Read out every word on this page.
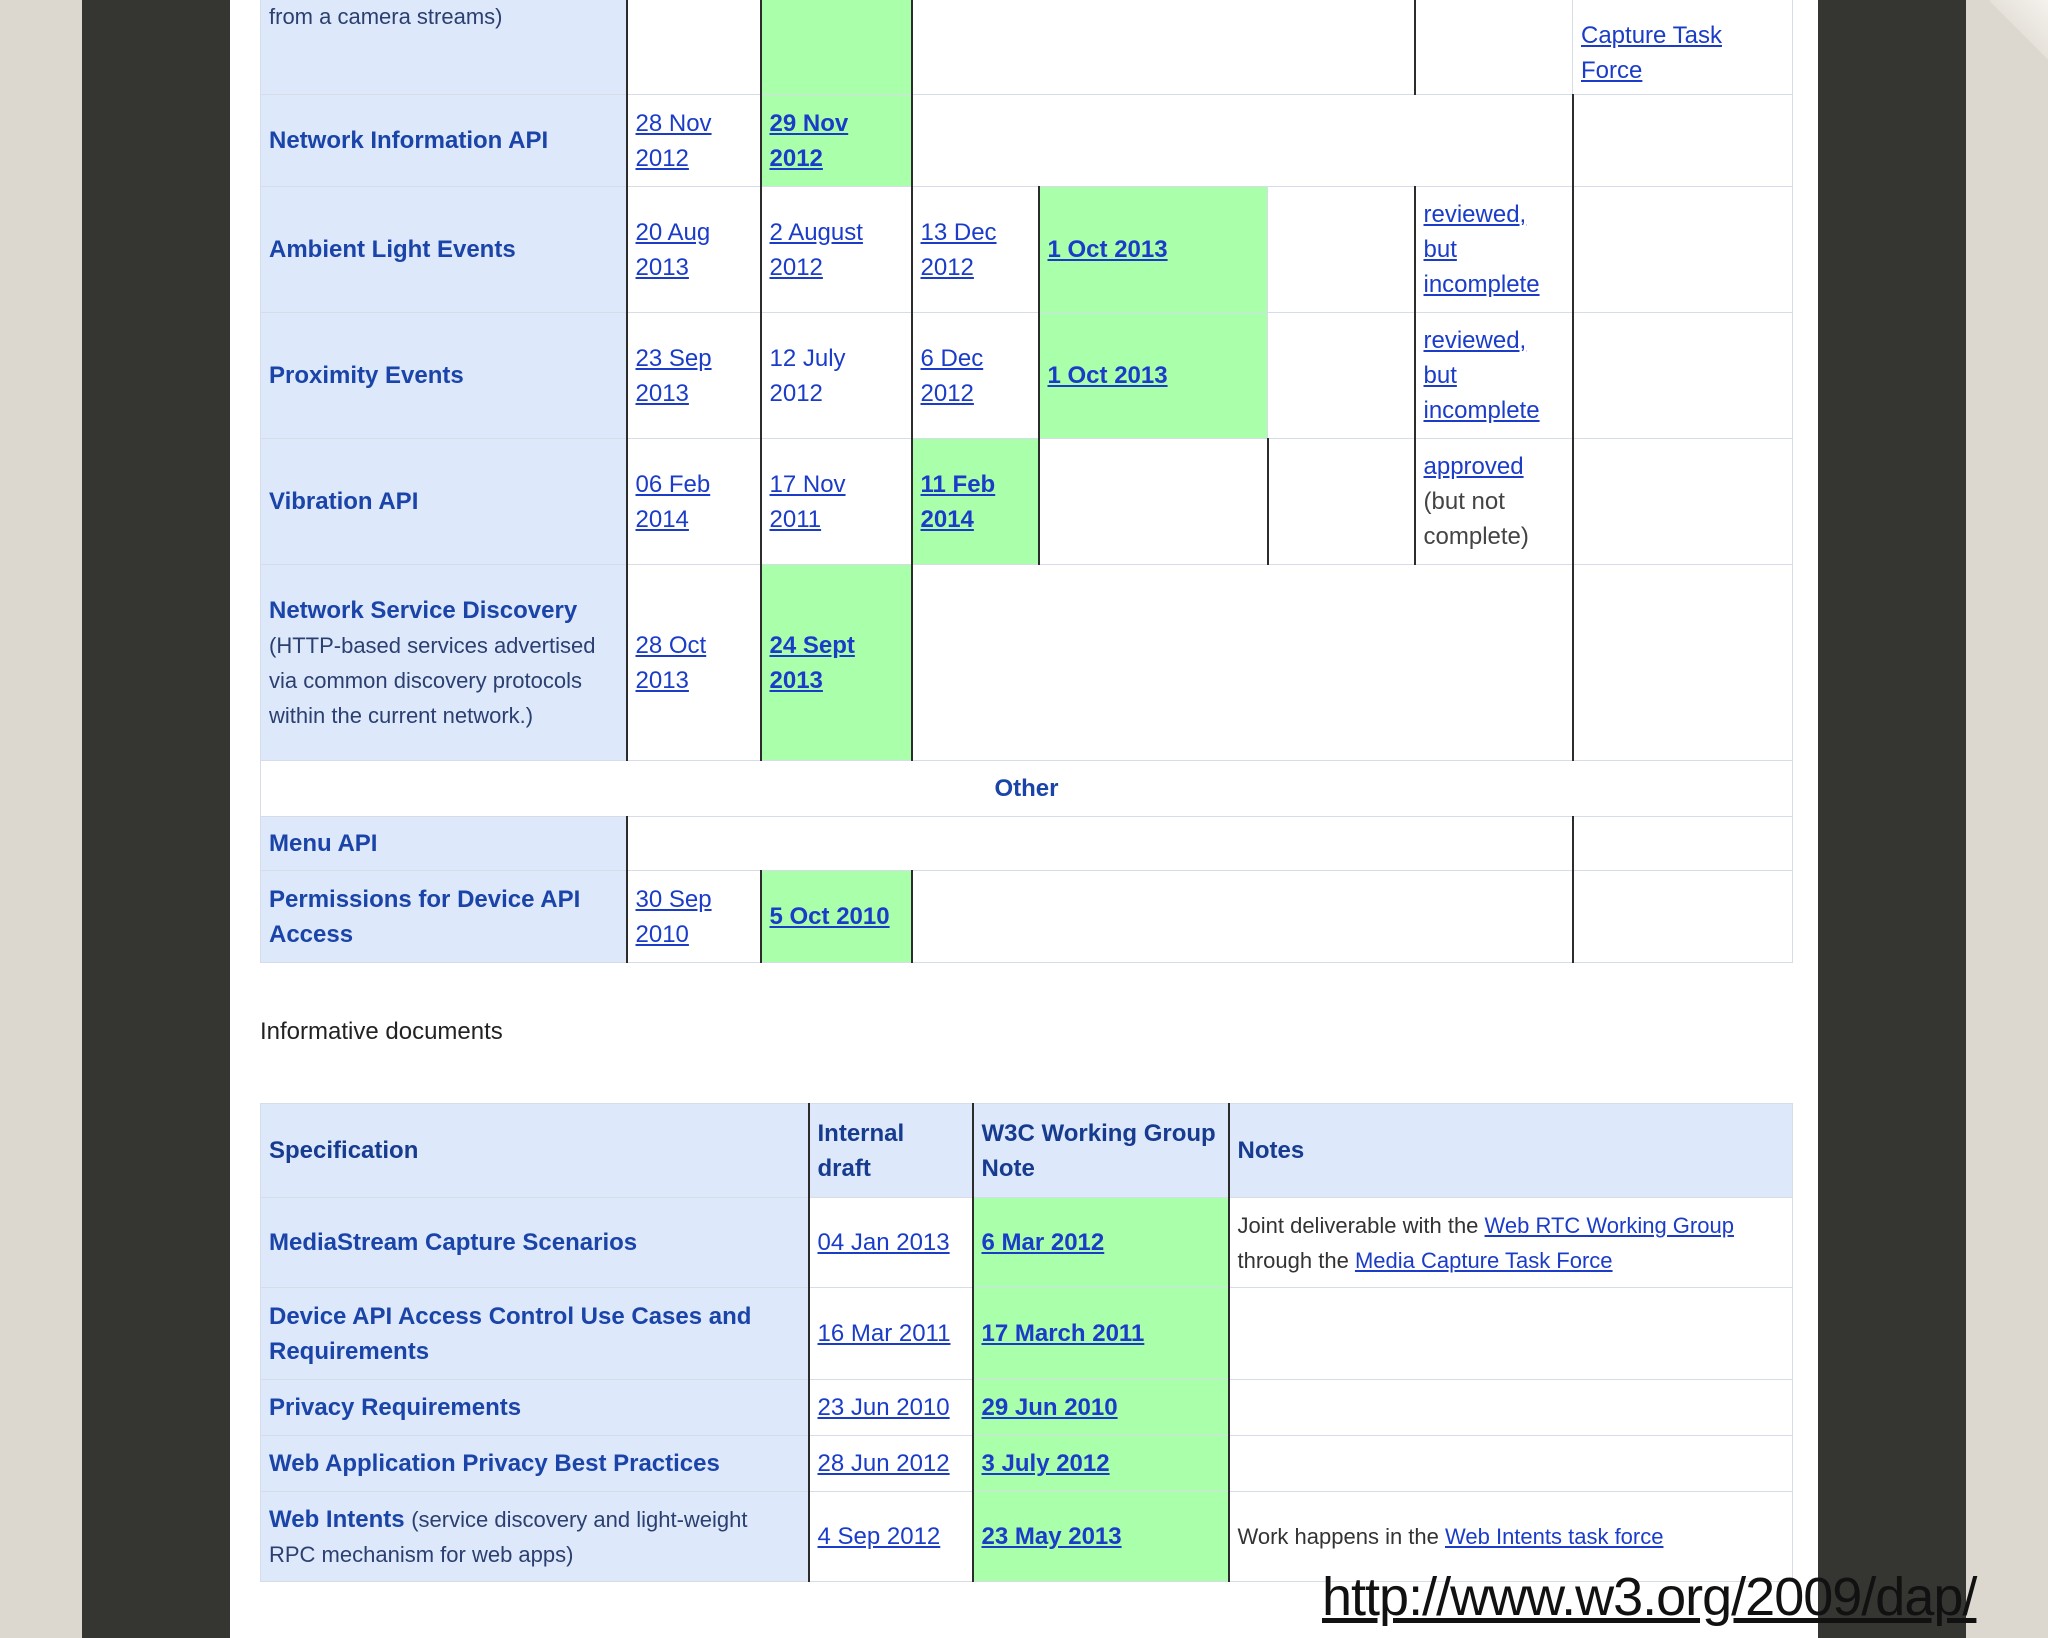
from a camera streams)							Capture Task
Force
Network Information API	28 Nov 2012	29 Nov 2012					
Ambient Light Events	20 Aug 2013	2 August 2012	13 Dec 2012	1 Oct 2013		reviewed, but incomplete	
Proximity Events	23 Sep 2013	12 July 2012	6 Dec 2012	1 Oct 2013		reviewed, but incomplete	
Vibration API	06 Feb 2014	17 Nov 2011	11 Feb 2014			approved
(but not complete)	
Network Service Discovery (HTTP-based services advertised via common discovery protocols within the current network.)	28 Oct 2013	24 Sept 2013					
Other							
Menu API							
Permissions for Device API Access	30 Sep 2010	5 Oct 2010					
Informative documents
Specification	Internal draft	W3C Working Group Note	Notes
MediaStream Capture Scenarios	04 Jan 2013	6 Mar 2012	Joint deliverable with the Web RTC Working Group through the Media Capture Task Force
Device API Access Control Use Cases and Requirements	16 Mar 2011	17 March 2011	
Privacy Requirements	23 Jun 2010	29 Jun 2010	
Web Application Privacy Best Practices	28 Jun 2012	3 July 2012	
Web Intents (service discovery and light-weight RPC mechanism for web apps)	4 Sep 2012	23 May 2013	Work happens in the Web Intents task force
http://www.w3.org/2009/dap/
